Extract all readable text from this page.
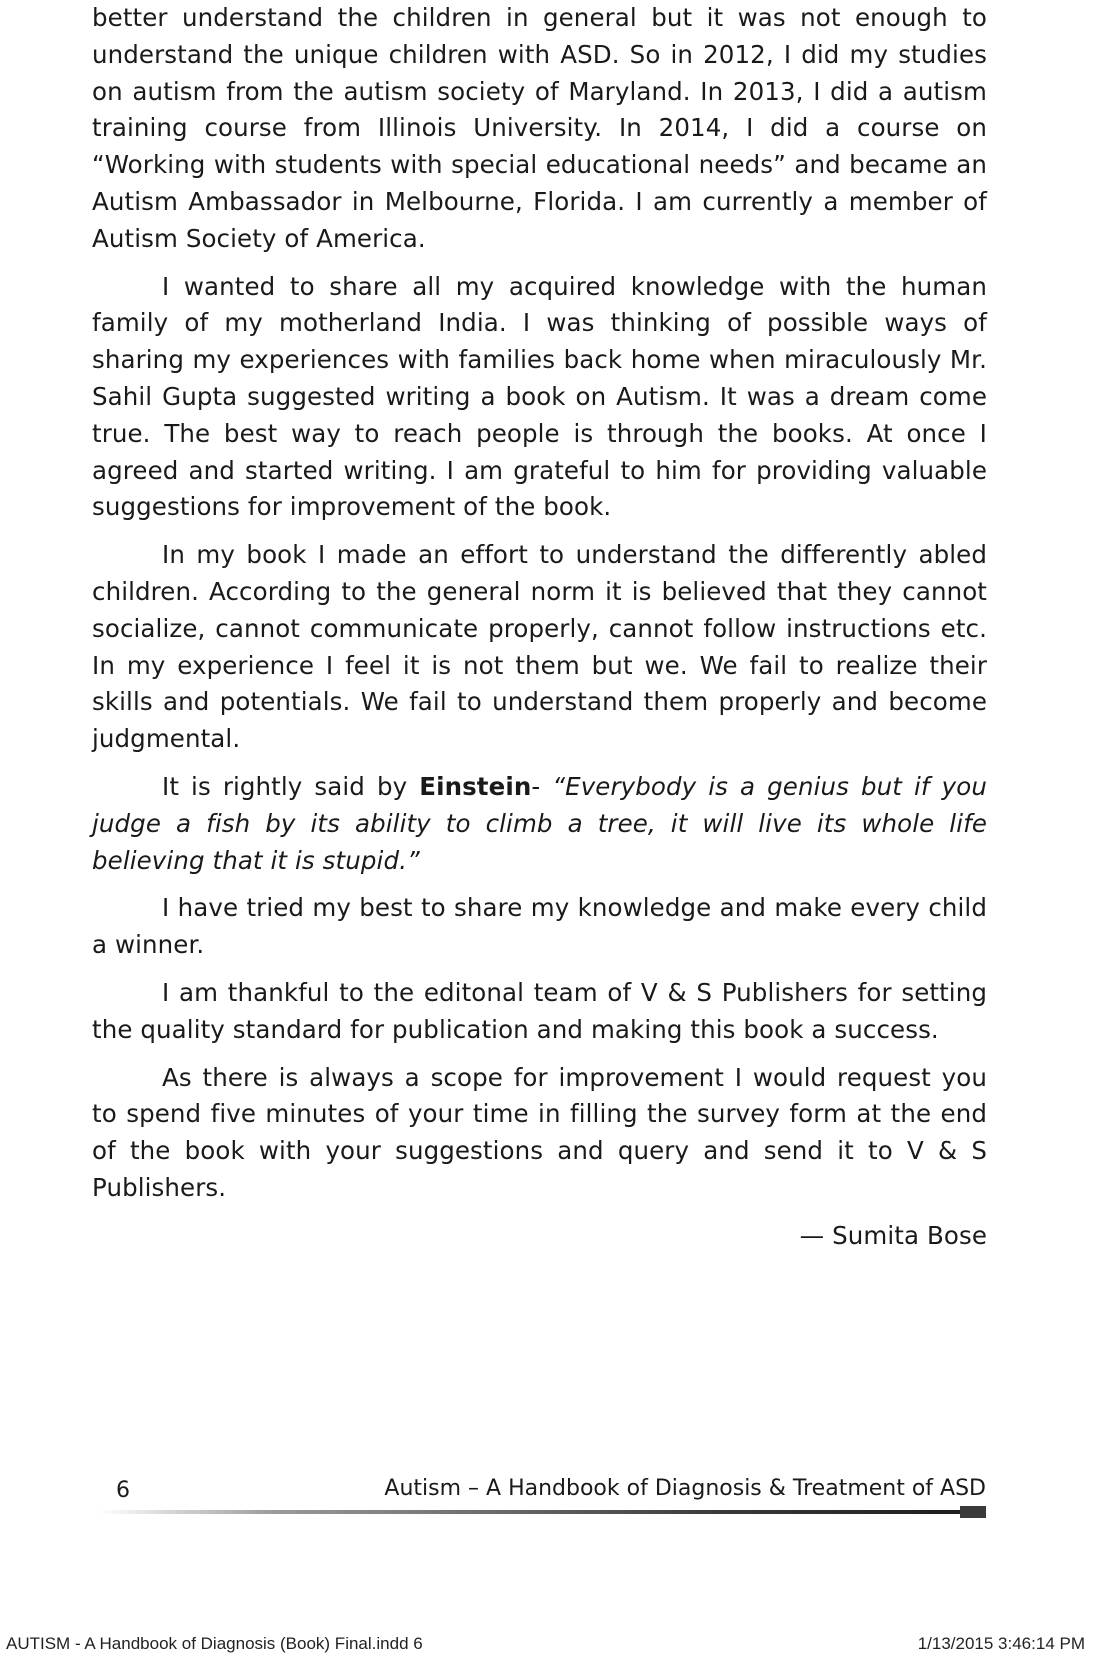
better understand the children in general but it was not enough to understand the unique children with ASD. So in 2012, I did my studies on autism from the autism society of Maryland. In 2013, I did a autism training course from Illinois University. In 2014, I did a course on “Working with students with special educational needs” and became an Autism Ambassador in Melbourne, Florida. I am currently a member of Autism Society of America.

I wanted to share all my acquired knowledge with the human family of my motherland India. I was thinking of possible ways of sharing my experiences with families back home when miraculously Mr. Sahil Gupta suggested writing a book on Autism. It was a dream come true. The best way to reach people is through the books. At once I agreed and started writing. I am grateful to him for providing valuable suggestions for improvement of the book.

In my book I made an effort to understand the differently abled children. According to the general norm it is believed that they cannot socialize, cannot communicate properly, cannot follow instructions etc. In my experience I feel it is not them but we. We fail to realize their skills and potentials. We fail to understand them properly and become judgmental.

It is rightly said by Einstein- “Everybody is a genius but if you judge a fish by its ability to climb a tree, it will live its whole life believing that it is stupid.”

I have tried my best to share my knowledge and make every child a winner.

I am thankful to the editonal team of V & S Publishers for setting the quality standard for publication and making this book a success.

As there is always a scope for improvement I would request you to spend five minutes of your time in filling the survey form at the end of the book with your suggestions and query and send it to V & S Publishers.

— Sumita Bose

6	Autism – A Handbook of Diagnosis & Treatment of ASD
AUTISM - A Handbook of Diagnosis (Book) Final.indd 6	1/13/2015 3:46:14 PM
